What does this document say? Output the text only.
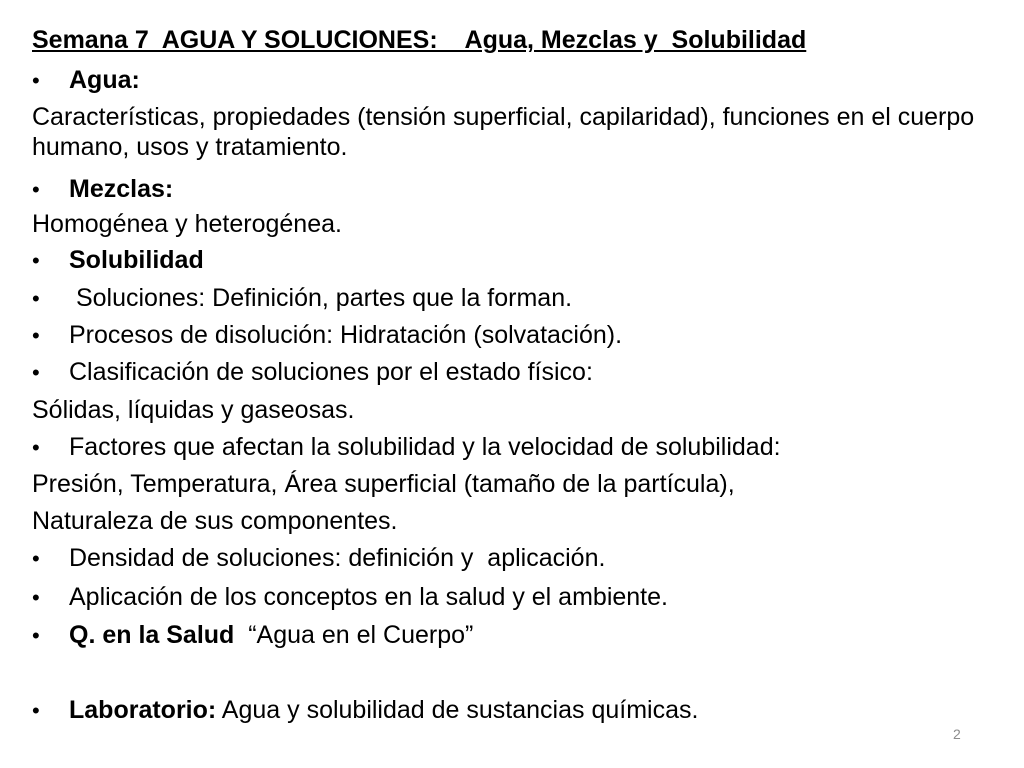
Semana 7  AGUA Y SOLUCIONES:    Agua, Mezclas y  Solubilidad
• Agua:
Características, propiedades (tensión superficial, capilaridad), funciones en el cuerpo humano, usos y tratamiento.
• Mezclas:
Homogénea y heterogénea.
• Solubilidad
• Soluciones: Definición, partes que la forman.
• Procesos de disolución: Hidratación (solvatación).
• Clasificación de soluciones por el estado físico:
Sólidas, líquidas y gaseosas.
• Factores que afectan la solubilidad y la velocidad de solubilidad:
Presión, Temperatura, Área superficial (tamaño de la partícula),
Naturaleza de sus componentes.
• Densidad de soluciones: definición y  aplicación.
• Aplicación de los conceptos en la salud y el ambiente.
• Q. en la Salud  “Agua en el Cuerpo”
• Laboratorio: Agua y solubilidad de sustancias químicas.
2
